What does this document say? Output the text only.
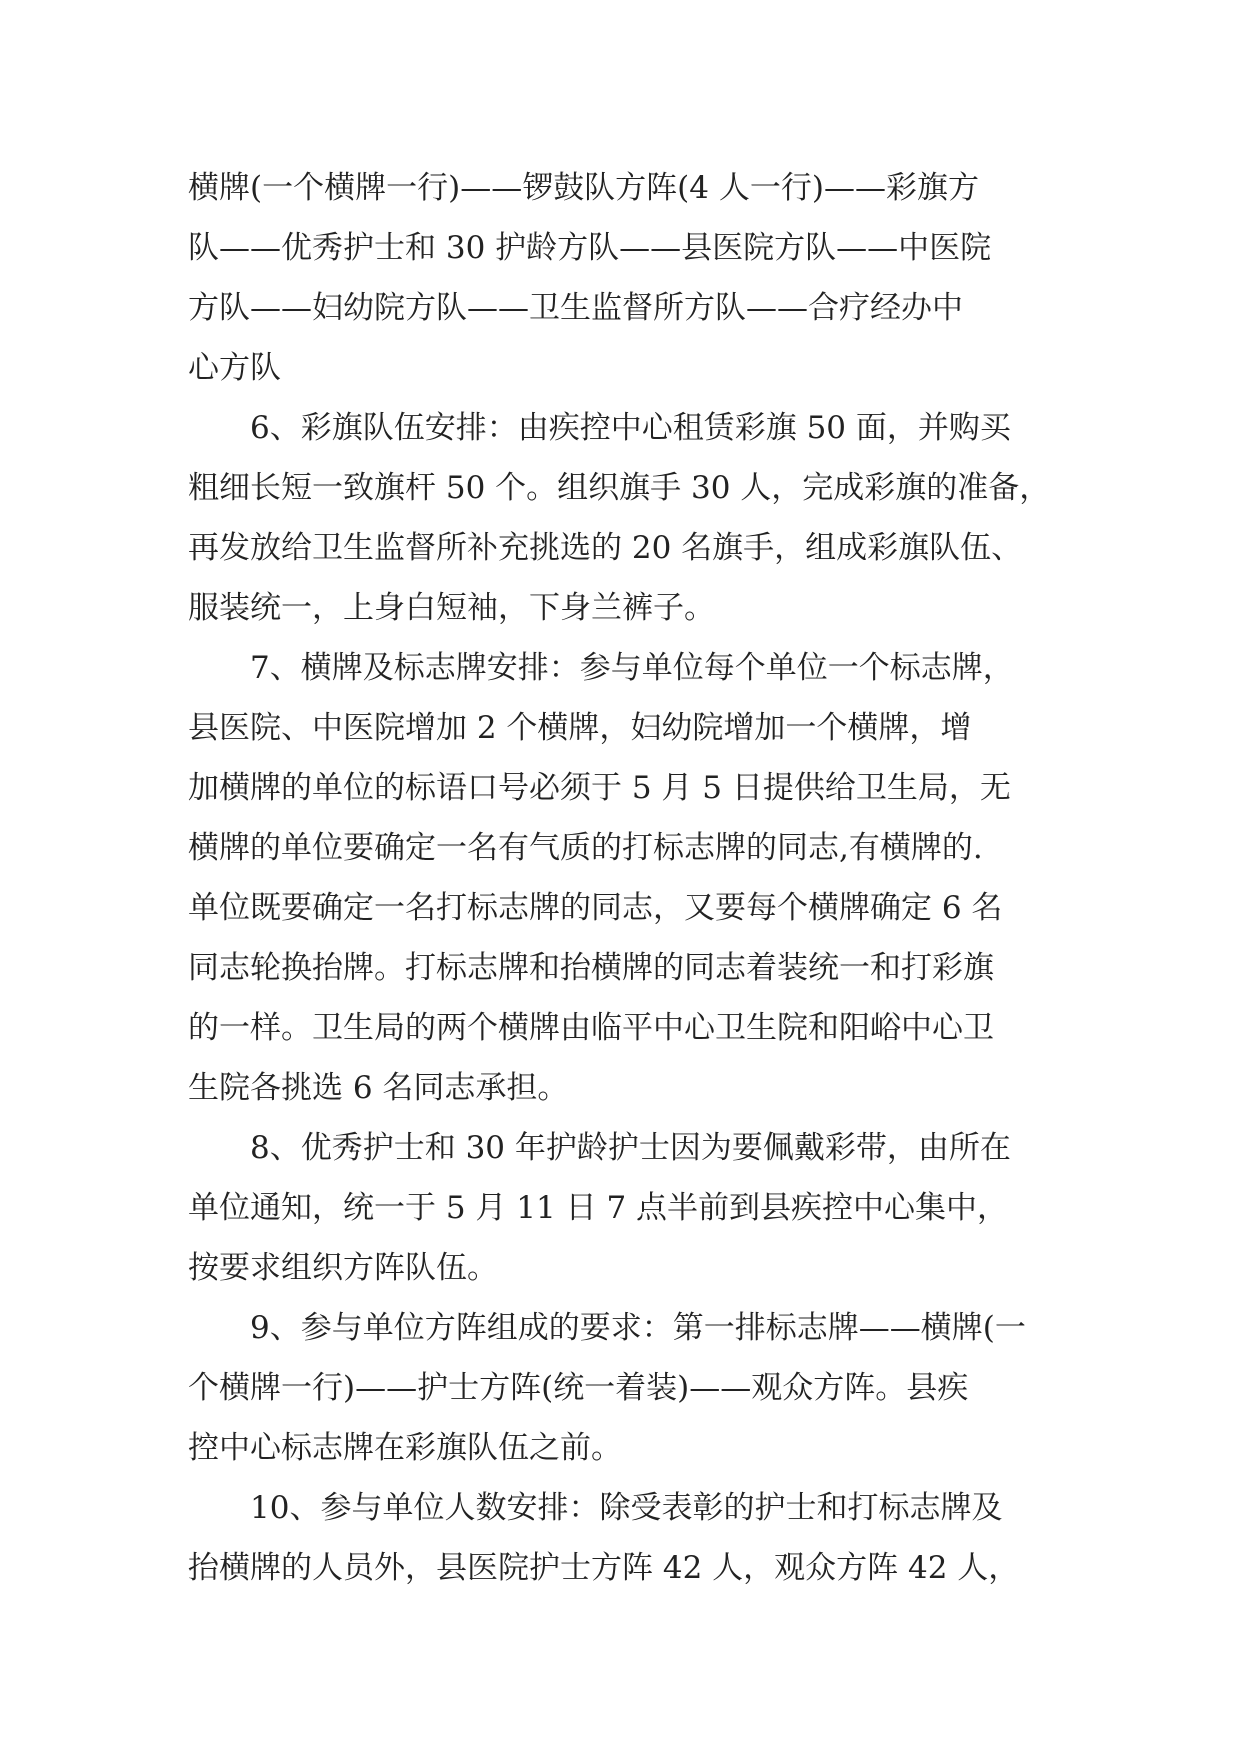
横牌(一个横牌一行)——锣鼓队方阵(4 人一行)——彩旗方
队——优秀护士和 30 护龄方队——县医院方队——中医院
方队——妇幼院方队——卫生监督所方队——合疗经办中
心方队
6、彩旗队伍安排：由疾控中心租赁彩旗 50 面，并购买
粗细长短一致旗杆 50 个。组织旗手 30 人，完成彩旗的准备，
再发放给卫生监督所补充挑选的 20 名旗手，组成彩旗队伍、
服装统一，上身白短袖，下身兰裤子。
7、横牌及标志牌安排：参与单位每个单位一个标志牌，
县医院、中医院增加 2 个横牌，妇幼院增加一个横牌，增
加横牌的单位的标语口号必须于 5 月 5 日提供给卫生局，无
横牌的单位要确定一名有气质的打标志牌的同志,有横牌的.
单位既要确定一名打标志牌的同志，又要每个横牌确定 6 名
同志轮换抬牌。打标志牌和抬横牌的同志着装统一和打彩旗
的一样。卫生局的两个横牌由临平中心卫生院和阳峪中心卫
生院各挑选 6 名同志承担。
8、优秀护士和 30 年护龄护士因为要佩戴彩带，由所在
单位通知，统一于 5 月 11 日 7 点半前到县疾控中心集中，
按要求组织方阵队伍。
9、参与单位方阵组成的要求：第一排标志牌——横牌(一
个横牌一行)——护士方阵(统一着装)——观众方阵。县疾
控中心标志牌在彩旗队伍之前。
10、参与单位人数安排：除受表彰的护士和打标志牌及
抬横牌的人员外，县医院护士方阵 42 人，观众方阵 42 人，
